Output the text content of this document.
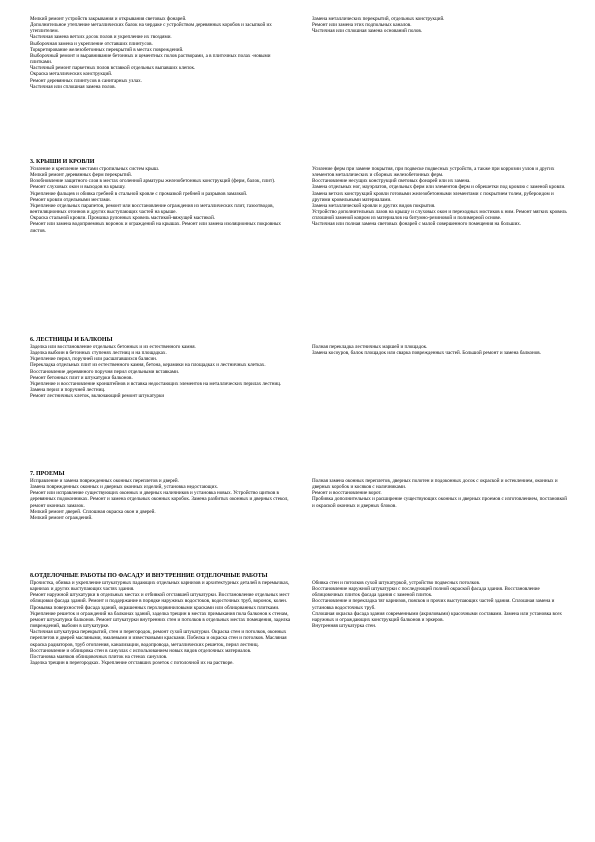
Мелкий ремонт устройств закрывания и открывания световых фонарей.

Дополнительное утепление металлических балок на чердаке с устройством деревянных коробов и засыпкой их утеплителем.

Частичная замена ветхих досок полов и укрепление их гвоздями.

Выборочная замена и укрепление отставших плинтусов.

Торкретирование железобетонных перекрытий в местах повреждений.

Выборочный ремонт и выравнивание бетонных и цементных полов растворами, а в плиточных полах -новыми плитками.

Частичный ремонт паркетных полов вставкой отдельных выпавших клепок.

Окраска металлических конструкций.

Ремонт деревянных плинтусов в санитарных узлах.

Частичная или сплошная замена полов.

Замена металлических перекрытий, отдельных конструкций.

Ремонт или замена этих подпольных каналов.

Частичная или сплошная замена оснований полов.

3. КРЫШИ И КРОВЛИ

Усиление и крепление местами стропильных систем крыш.

Мелкий ремонт деревянных ферм перекрытий.

Возобновление защитного слоя в местах оголенной арматуры железобетонных конструкций (ферм, балок, плит).

Ремонт слуховых окон и выходов на крышу.

Укрепление фальцев и обивка гребней в стальной кровле с промазкой гребней и разрывов замазкой.

Ремонт кровли отдельными местами.

Укрепление отдельных парапетов, ремонт или восстановление ограждения из металлических плит, газоотводов, вентиляционных отоннов и других выступающих частей на крыше.

Окраска стальной кровли. Промазка рулонных кровель мастикой-вяжущей мастикой.

Ремонт или замена водоприемных воронок и ограждений на крышах. Ремонт или замена изоляционных покровных листов.

Усиление ферм при замене покрытия, при подвеске подвесных устройств, а также при коррозии узлов и других элементов металлических и сборных железобетонных ферм.

Восстановление несущих конструкций световых фонарей или их замена.

Замена отдельных ног, мауэрлатов, отдельных ферм или элементов ферм и обрешетки под кровлю с заменой кровли.

Замена ветхих конструкций кровли готовыми железобетонными элементами с покрытием толем, рубероидом и другими кровельными материалами.

Замена металлической кровли и других видов покрытия.

Устройство дополнительных лазов на крышу и слуховых окон и переходных мостиков к ним. Ремонт мягких кровель сплошной заменой ковром из материалов на битумно-резиновой и полимерной основе.

Частичная или полная замена световых фонарей с малой совершенного помещения на больших.

6. ЛЕСТНИЦЫ И БАЛКОНЫ

Заделка или восстановление отдельных бетонных и из естественного камня.

Заделка выбоин в бетонных ступенях лестниц и на площадках.

Укрепление перил, поручней или расшатавшихся балясин.

Перекладка отдельных плит из естественного камня, бетона, керамики на площадках и лестничных клетках.

Восстановление деревянного поручня перил отдельными вставками.

Ремонт бетонных плит и штукатурки балконов.

Укрепление и восстановление кронштейнов и вставка недостающих элементов на металлических перилах лестниц.

Замена перил и поручней лестниц.

Ремонт лестничных клеток, включающий ремонт штукатурки

Полная перекладка лестничных маршей и площадок.

Замена косоуров, балок площадок или сварка поврежденных частей. Большой ремонт и замена балконов.

7. ПРОЕМЫ

Исправление и замена поврежденных оконных переплетов и дверей.

Замена поврежденных оконных и дверных оконных изделий, установка недостающих.

Ремонт или исправление существующих оконных и дверных наличников и установка новых. Устройство щитков в деревянных подоконниках. Ремонт и замена отдельных оконных коробок. Замена разбитых оконных и дверных стекол, ремонт оконных замазок.

Мелкий ремонт дверей. Сплошная окраска окон и дверей.

Мелкий ремонт ограждений.

Полная замена оконных переплетов, дверных полотен и подоконных досок с окраской и остеклением, оконных и дверных коробок и косяков с наличниками.

Ремонт и восстановление ворот.

Пробивка дополнительных и расширение существующих оконных и дверных проемов с изготовлением, постановкой и окраской оконных и дверных блоков.

8.ОТДЕЛОЧНЫЕ РАБОТЫ ПО ФАСАДУ И ВНУТРЕННИЕ ОТДЕЛОЧНЫЕ РАБОТЫ

Прочистка, обивка и укрепление штукатурных падающих отдельных карнизов и архитектурных деталей в перемычках, карнизах и других выступающих частях здания.

Ремонт наружной штукатурки в отдельных местах и отбивкой отставшей штукатурки. Восстановление отдельных мест облицовки фасада зданий. Ремонт и поддержание в порядке наружных водостоков, водосточных труб, воронок, колен. Промывка поверхностей фасада зданий, окрашенных перхлорвиниловыми красками или облицованных плитками.

Укрепление решеток и ограждений на балконах зданий, заделка трещин в местах примыкания пола балконов к стенам, ремонт штукатурки балконов. Ремонт штукатурки внутренних стен и потолков в отдельных местах помещения, заделка повреждений, выбоин в штукатурке.

Частичная штукатурка перекрытий, стен и перегородок, ремонт сухой штукатурки. Окраска стен и потолков, оконных переплетов и дверей масляными, эмалевыми и известковыми красками. Побелка и окраска стен и потолков. Масляная окраска радиаторов, труб отопления, канализации, водопровода, металлических решеток, перил лестниц.

Восстановление и облицовка стен в санузлах с использованием новых видов отделочных материалов.

Постановка маячков облицовочных плиток на стенах санузлов.

Заделка трещин в перегородках. Укрепление отставших розеток с потолочной их на растворе.

Обивка стен и потолков сухой штукатуркой, устройство подвесных потолков.

Восстановление наружной штукатурки с последующей полной окраской фасада здания. Восстановление облицовочных плиток фасада здания с заменой плиток.

Восстановление и перекладка тяг карнизов, поясков и прочих выступающих частей здания. Сплошная замена и установка водосточных труб.

Сплошная окраска фасада здания современными (акриловыми) красочными составами. Замена или установка всех наружных и ограждающих конструкций балконов и эркеров.

Внутренняя штукатурка стен.
